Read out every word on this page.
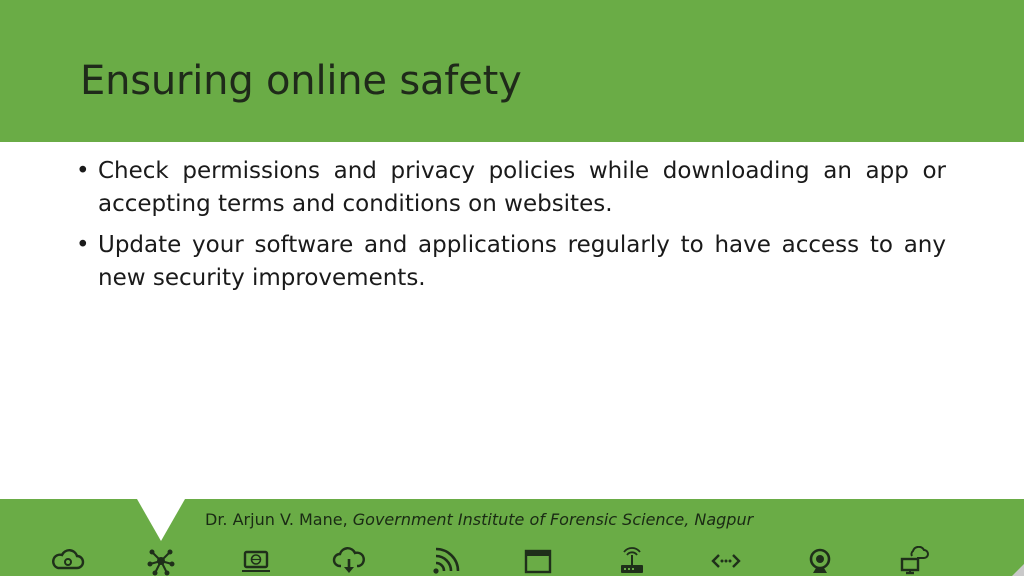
Ensuring online safety

• Check permissions and privacy policies while downloading an app or accepting terms and conditions on websites.

• Update your software and applications regularly to have access to any new security improvements.

Dr. Arjun V. Mane, Government Institute of Forensic Science, Nagpur
